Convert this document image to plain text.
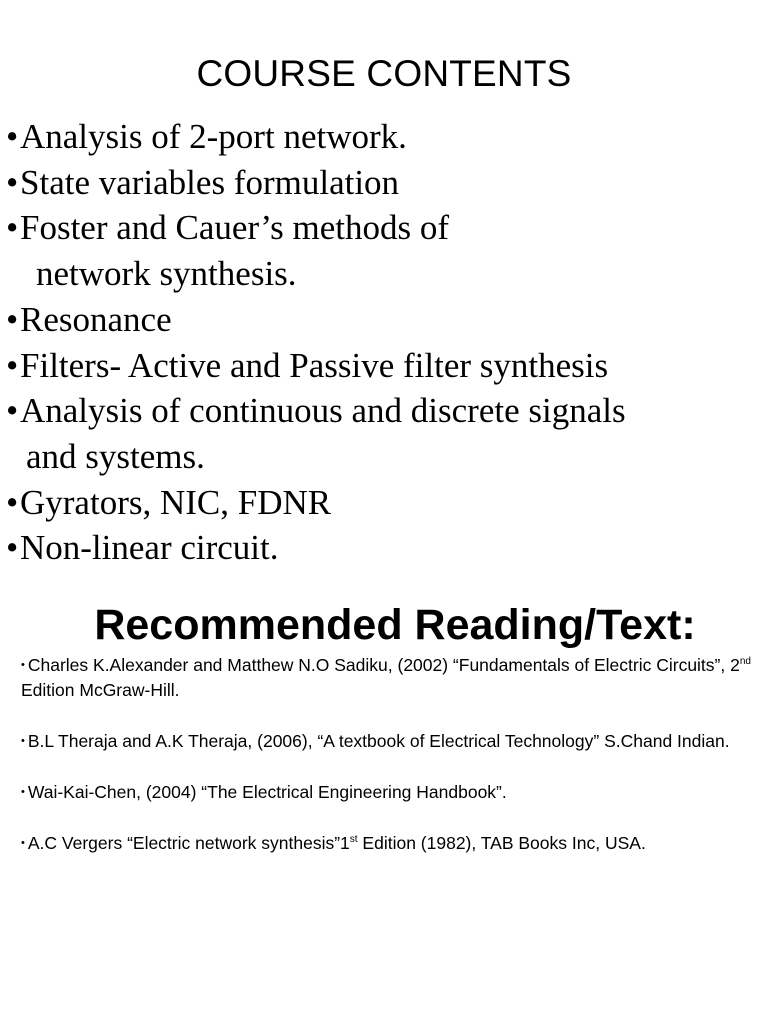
COURSE CONTENTS
•Analysis of 2-port network.
•State variables formulation
•Foster and Cauer’s methods of
network synthesis.
•Resonance
•Filters- Active and Passive filter synthesis
•Analysis of continuous and discrete signals
and systems.
•Gyrators, NIC, FDNR
•Non-linear circuit.
Recommended Reading/Text:
• Charles K.Alexander and Matthew N.O Sadiku, (2002) “Fundamentals of Electric Circuits”, 2nd Edition McGraw-Hill.
• B.L Theraja and A.K Theraja, (2006), “A textbook of Electrical Technology” S.Chand Indian.
• Wai-Kai-Chen, (2004) “The Electrical Engineering Handbook”.
• A.C Vergers “Electric network synthesis”1st Edition (1982), TAB Books Inc, USA.
